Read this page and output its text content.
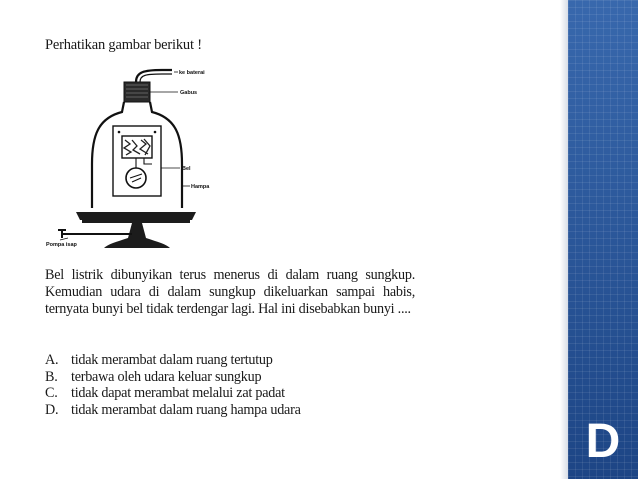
Perhatikan gambar berikut !
ke baterai
Gabus
Bel
Hampa
Pompa isap

Bel listrik dibunyikan terus menerus di dalam ruang sungkup. Kemudian udara di dalam sungkup dikeluarkan sampai habis, ternyata bunyi bel tidak terdengar lagi. Hal ini disebabkan bunyi ....

A. tidak merambat dalam ruang tertutup
B. terbawa oleh udara keluar sungkup
C. tidak dapat merambat melalui zat padat
D. tidak merambat dalam ruang hampa udara
D
